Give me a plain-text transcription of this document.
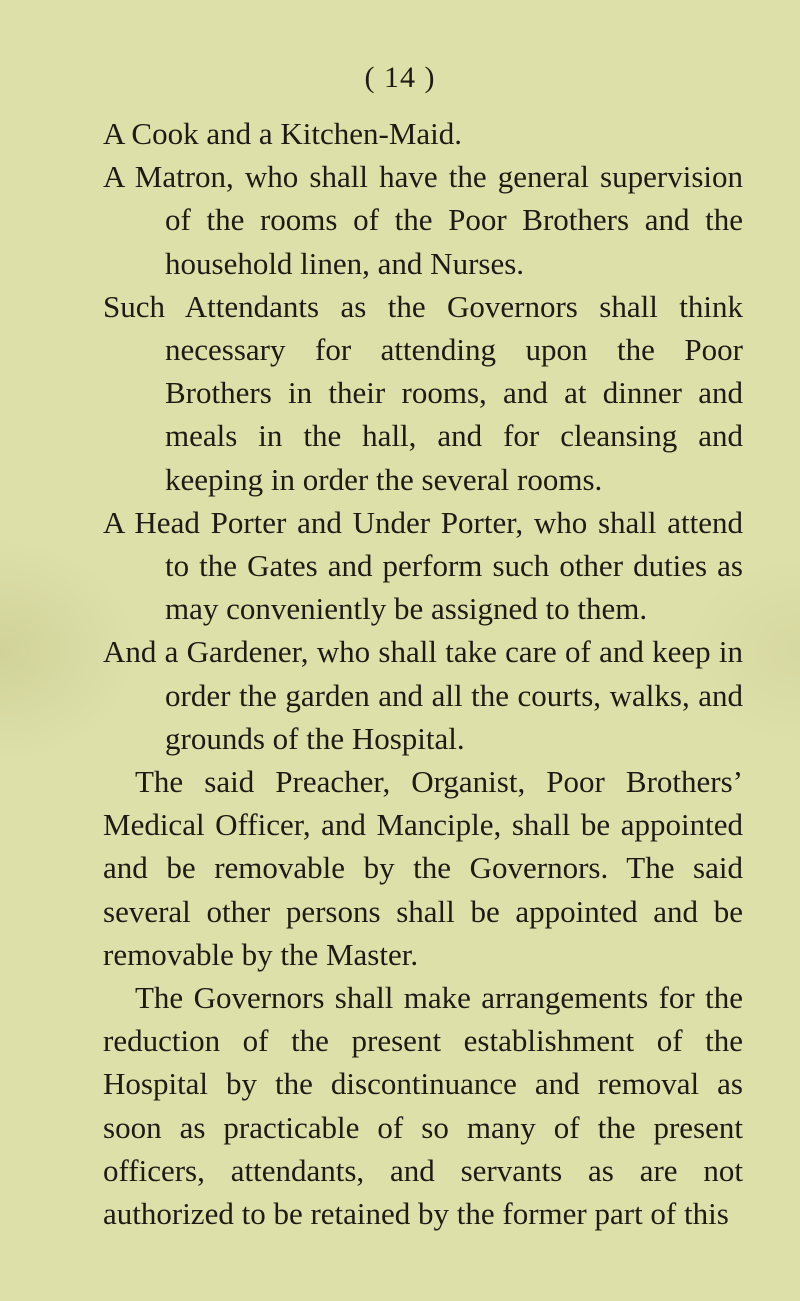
( 14 )

A Cook and a Kitchen-Maid.

A Matron, who shall have the general supervision of the rooms of the Poor Brothers and the household linen, and Nurses.

Such Attendants as the Governors shall think necessary for attending upon the Poor Brothers in their rooms, and at dinner and meals in the hall, and for cleansing and keeping in order the several rooms.

A Head Porter and Under Porter, who shall attend to the Gates and perform such other duties as may conveniently be assigned to them.

And a Gardener, who shall take care of and keep in order the garden and all the courts, walks, and grounds of the Hospital.

The said Preacher, Organist, Poor Brothers’ Medical Officer, and Manciple, shall be appointed and be removable by the Governors. The said several other persons shall be appointed and be removable by the Master.

The Governors shall make arrangements for the reduction of the present establishment of the Hospital by the discontinuance and removal as soon as practicable of so many of the present officers, attendants, and servants as are not authorized to be retained by the former part of this
